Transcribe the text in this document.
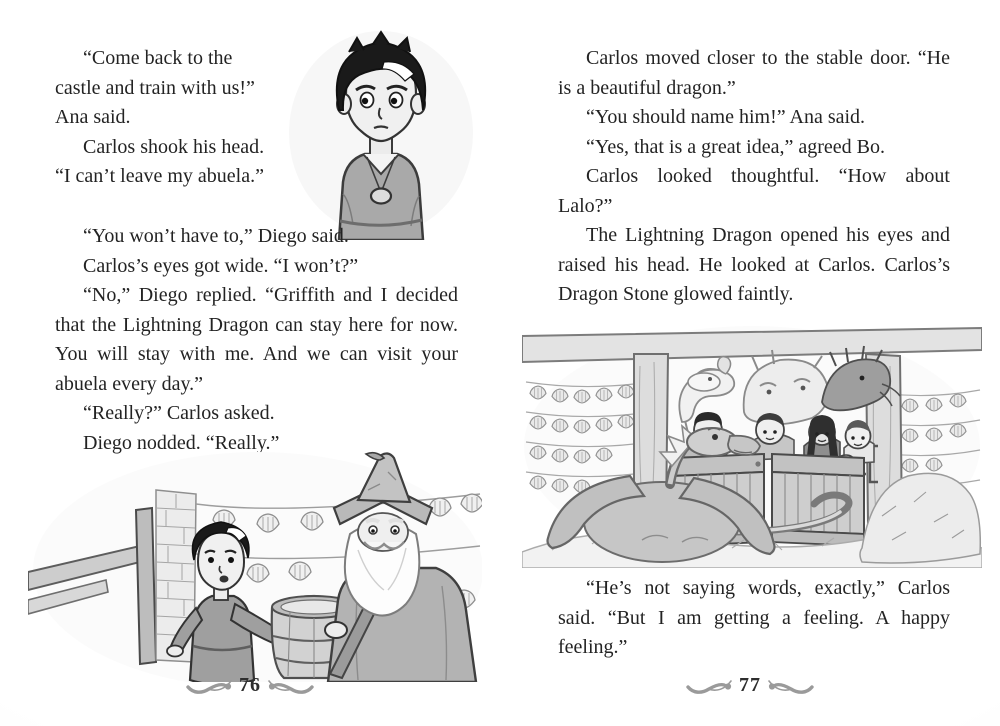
“Come back to the castle and train with us!” Ana said.

Carlos shook his head. “I can’t leave my abuela.”

“You won’t have to,” Diego said.

Carlos’s eyes got wide. “I won’t?”

“No,” Diego replied. “Griffith and I decided that the Lightning Dragon can stay here for now. You will stay with me. And we can visit your abuela every day.”

“Really?” Carlos asked.

Diego nodded. “Really.”

76

Carlos moved closer to the stable door. “He is a beautiful dragon.”

“You should name him!” Ana said.

“Yes, that is a great idea,” agreed Bo.

Carlos looked thoughtful. “How about Lalo?”

The Lightning Dragon opened his eyes and raised his head. He looked at Carlos. Carlos’s Dragon Stone glowed faintly.

“He’s not saying words, exactly,” Carlos said. “But I am getting a feeling. A happy feeling.”

77
